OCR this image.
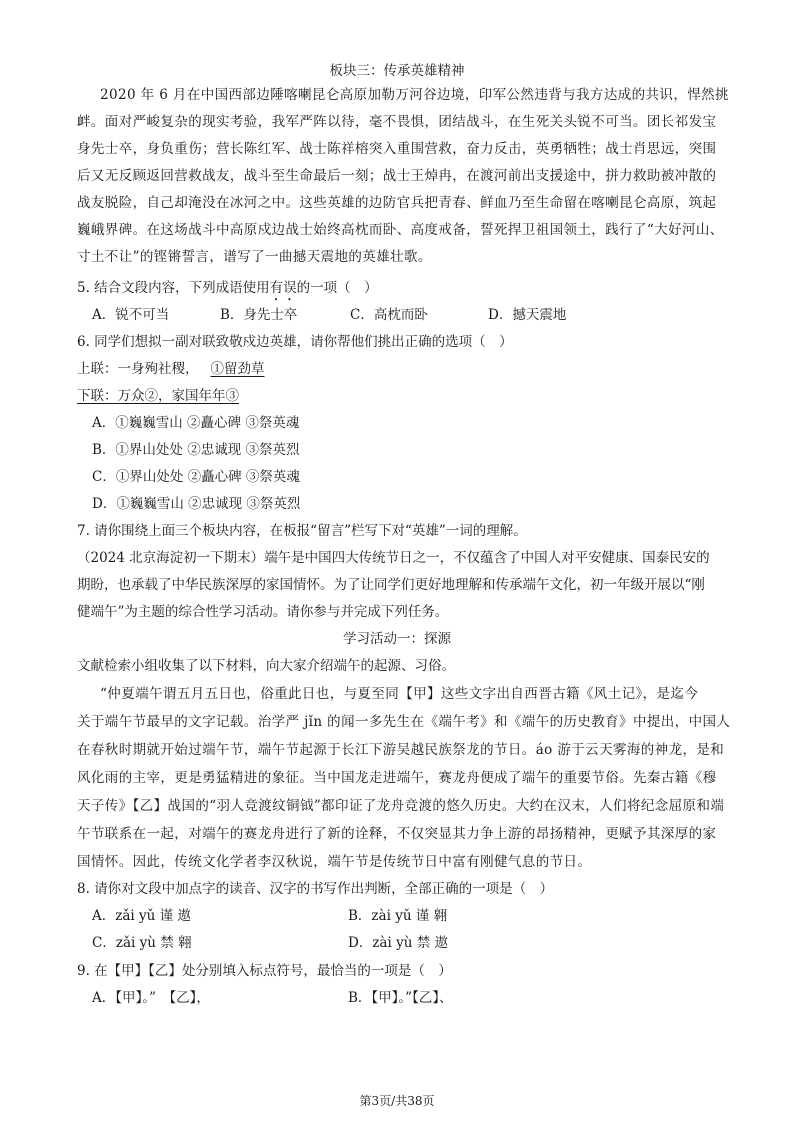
板块三：传承英雄精神
2020 年 6 月在中国西部边陲喀喇昆仑高原加勒万河谷边境，印军公然违背与我方达成的共识，悍然挑
衅。面对严峻复杂的现实考验，我军严阵以待，毫不畏惧，团结战斗，在生死关头锐不可当。团长祁发宝
身先士卒，身负重伤；营长陈红军、战士陈祥榕突入重围营救，奋力反击，英勇牺牲；战士肖思远，突围
后又无反顾返回营救战友，战斗至生命最后一刻；战士王焯冉，在渡河前出支援途中，拼力救助被冲散的
战友脱险，自己却淹没在冰河之中。这些英雄的边防官兵把青春、鲜血乃至生命留在喀喇昆仑高原，筑起
巍峨界碑。在这场战斗中高原戍边战士始终高枕而卧、高度戒备，誓死捍卫祖国领土，践行了“大好河山、
寸土不让”的铿锵誓言，谱写了一曲撼天震地的英雄壮歌。
5. 结合文段内容，下列成语使用有误的一项（　）
A．锐不可当	B．身先士卒	C．高枕而卧	D．撼天震地
6. 同学们想拟一副对联致敬戍边英雄，请你帮他们挑出正确的选项（　）
上联：一身殉社稷， ①留劲草
下联：万众②，家国年年③
A．①巍巍雪山 ②矗心碑 ③祭英魂
B．①界山处处 ②忠诚现 ③祭英烈
C．①界山处处 ②矗心碑 ③祭英魂
D．①巍巍雪山 ②忠诚现 ③祭英烈
7. 请你围绕上面三个板块内容，在板报“留言”栏写下对“英雄”一词的理解。
（2024 北京海淀初一下期末）端午是中国四大传统节日之一，不仅蕴含了中国人对平安健康、国泰民安的
期盼，也承载了中华民族深厚的家国情怀。为了让同学们更好地理解和传承端午文化，初一年级开展以“刚
健端午”为主题的综合性学习活动。请你参与并完成下列任务。
学习活动一：探源
文献检索小组收集了以下材料，向大家介绍端午的起源、习俗。
“仲夏端午谓五月五日也，俗重此日也，与夏至同【甲】这些文字出自西晋古籍《风土记》，是迄今
关于端午节最早的文字记载。治学严 jǐn 的闻一多先生在《端午考》和《端午的历史教育》中提出，中国人
在春秋时期就开始过端午节，端午节起源于长江下游吴越民族祭龙的节日。áo 游于云天雾海的神龙，是和
风化雨的主宰，更是勇猛精进的象征。当中国龙走进端午，赛龙舟便成了端午的重要节俗。先秦古籍《穆
天子传》【乙】战国的“羽人竞渡纹铜钺”都印证了龙舟竞渡的悠久历史。大约在汉末，人们将纪念屈原和端
午节联系在一起，对端午的赛龙舟进行了新的诠释，不仅突显其力争上游的昂扬精神，更赋予其深厚的家
国情怀。因此，传统文化学者李汉秋说，端午节是传统节日中富有刚健气息的节日。
8. 请你对文段中加点字的读音、汉字的书写作出判断，全部正确的一项是（　）
A．zǎi yǔ 谨 遨	B．zài yǔ 谨 翱
C．zǎi yù 禁 翱	D．zài yù 禁 遨
9. 在【甲】【乙】处分别填入标点符号，最恰当的一项是（　）
A．【甲】。”　【乙】，	B．【甲】。”【乙】、
第3页/共38页
